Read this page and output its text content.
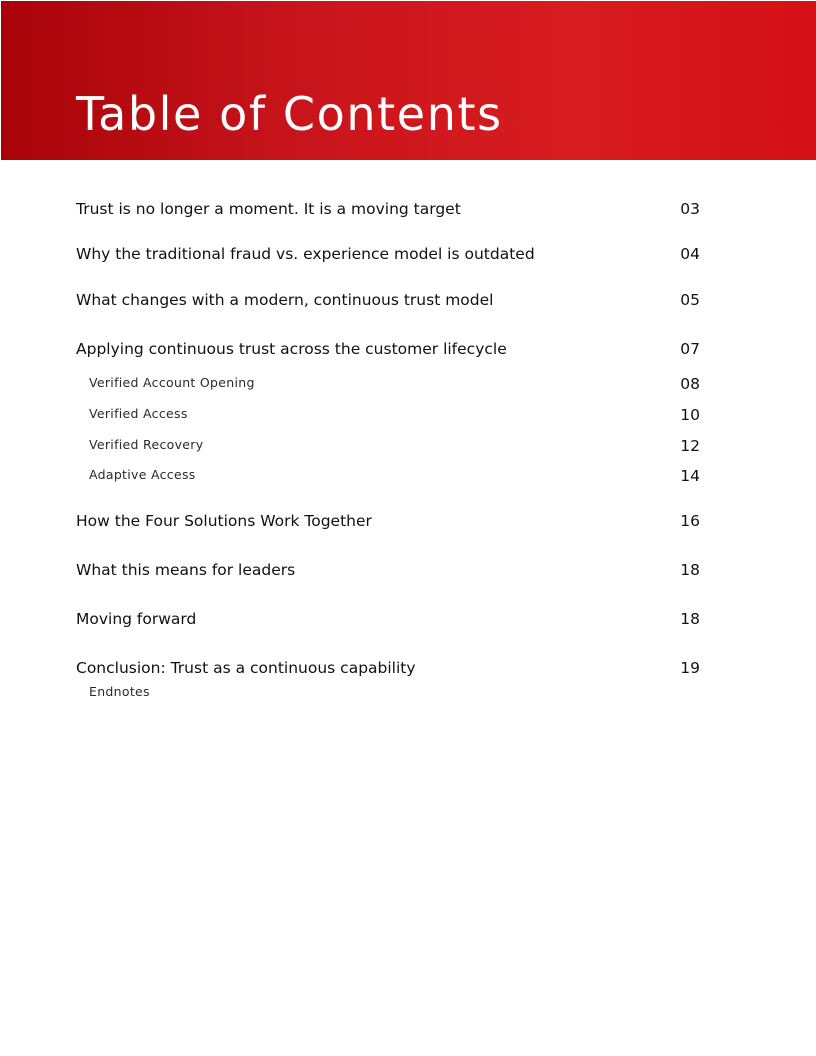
Table of Contents
Trust is no longer a moment. It is a moving target	03
Why the traditional fraud vs. experience model is outdated	04
What changes with a modern, continuous trust model	05
Applying continuous trust across the customer lifecycle	07
Verified Account Opening	08
Verified Access	10
Verified Recovery	12
Adaptive Access	14
How the Four Solutions Work Together	16
What this means for leaders	18
Moving forward	18
Conclusion: Trust as a continuous capability	19
Endnotes
